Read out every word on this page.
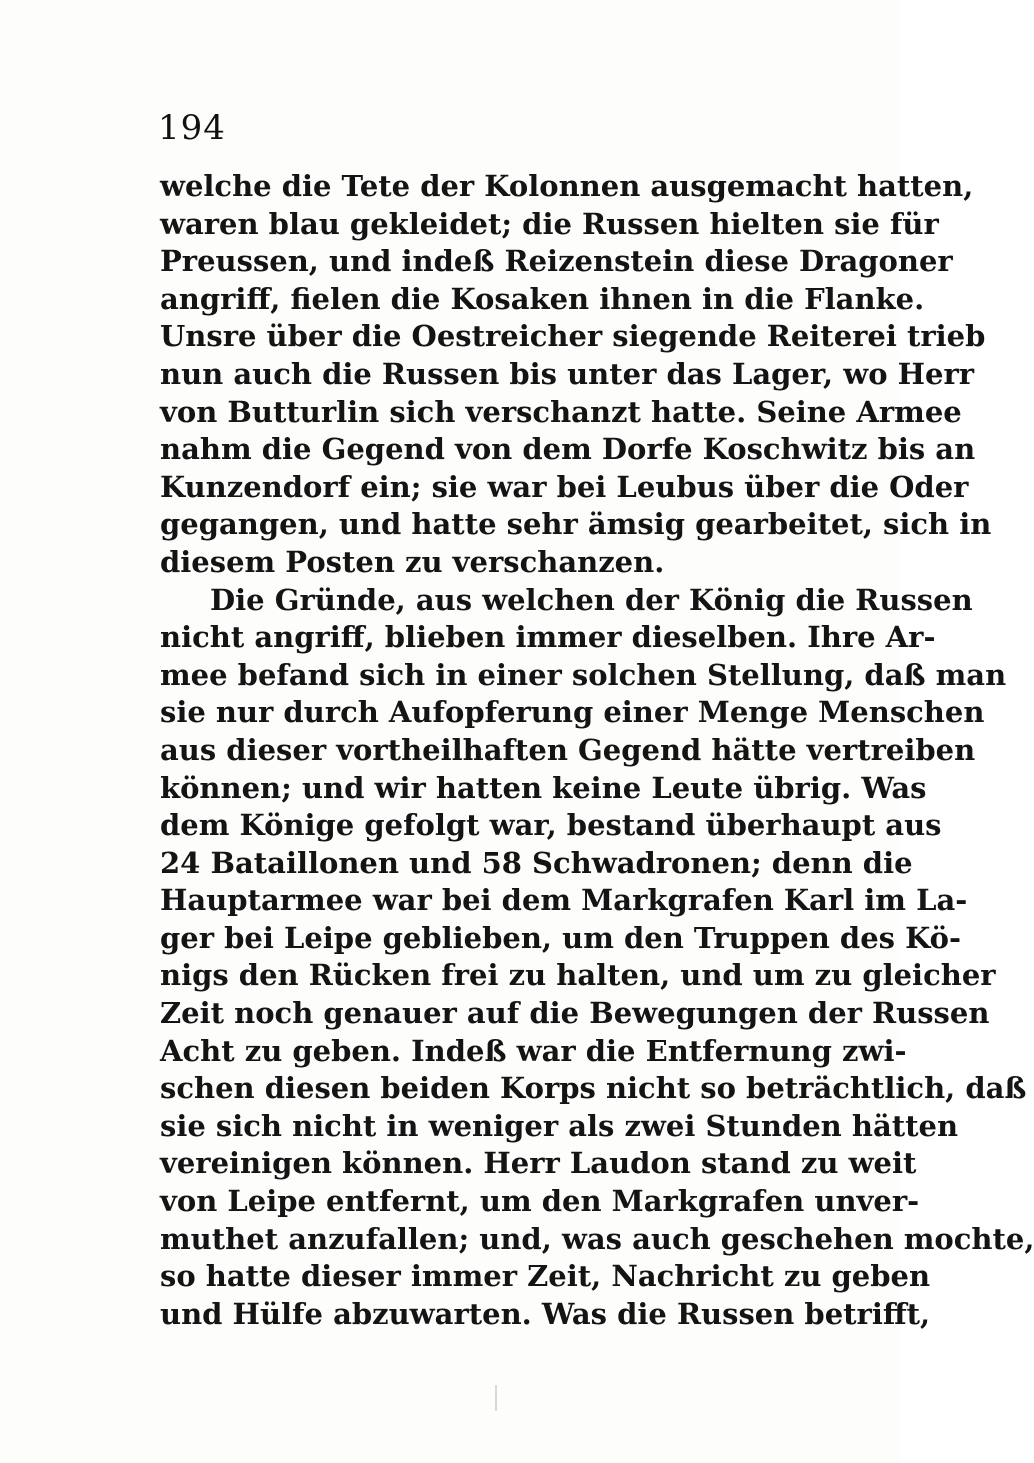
194
welche die Tete der Kolonnen ausgemacht hatten,
waren blau gekleidet; die Russen hielten sie für
Preussen, und indeß Reizenstein diese Dragoner
angriff, fielen die Kosaken ihnen in die Flanke.
Unsre über die Oestreicher siegende Reiterei trieb
nun auch die Russen bis unter das Lager, wo Herr
von Butturlin sich verschanzt hatte. Seine Armee
nahm die Gegend von dem Dorfe Koschwitz bis an
Kunzendorf ein; sie war bei Leubus über die Oder
gegangen, und hatte sehr ämsig gearbeitet, sich in
diesem Posten zu verschanzen.
Die Gründe, aus welchen der König die Russen
nicht angriff, blieben immer dieselben. Ihre Ar-
mee befand sich in einer solchen Stellung, daß man
sie nur durch Aufopferung einer Menge Menschen
aus dieser vortheilhaften Gegend hätte vertreiben
können; und wir hatten keine Leute übrig. Was
dem Könige gefolgt war, bestand überhaupt aus
24 Bataillonen und 58 Schwadronen; denn die
Hauptarmee war bei dem Markgrafen Karl im La-
ger bei Leipe geblieben, um den Truppen des Kö-
nigs den Rücken frei zu halten, und um zu gleicher
Zeit noch genauer auf die Bewegungen der Russen
Acht zu geben. Indeß war die Entfernung zwi-
schen diesen beiden Korps nicht so beträchtlich, daß
sie sich nicht in weniger als zwei Stunden hätten
vereinigen können. Herr Laudon stand zu weit
von Leipe entfernt, um den Markgrafen unver-
muthet anzufallen; und, was auch geschehen mochte,
so hatte dieser immer Zeit, Nachricht zu geben
und Hülfe abzuwarten. Was die Russen betrifft,
